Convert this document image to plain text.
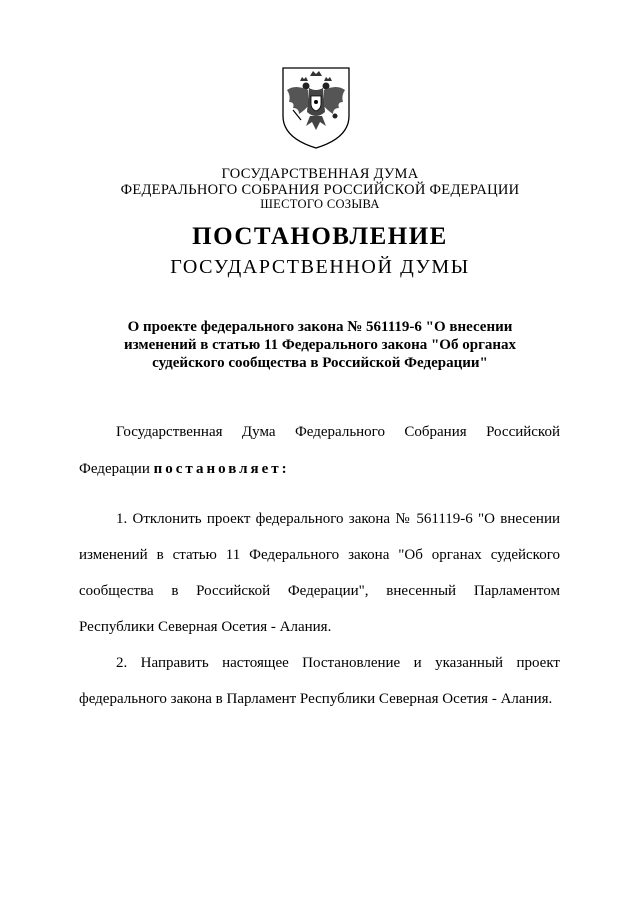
ГОСУДАРСТВЕННАЯ ДУМА
ФЕДЕРАЛЬНОГО СОБРАНИЯ РОССИЙСКОЙ ФЕДЕРАЦИИ
ШЕСТОГО СОЗЫВА
ПОСТАНОВЛЕНИЕ
ГОСУДАРСТВЕННОЙ ДУМЫ
О проекте федерального закона № 561119-6 "О внесении
изменений в статью 11 Федерального закона "Об органах
судейского сообщества в Российской Федерации"
Государственная Дума Федерального Собрания Российской
Федерации постановляет:
1. Отклонить проект федерального закона № 561119-6 "О внесении
изменений в статью 11 Федерального закона "Об органах судейского
сообщества в Российской Федерации", внесенный Парламентом
Республики Северная Осетия - Алания.
2. Направить настоящее Постановление и указанный проект
федерального закона в Парламент Республики Северная Осетия - Алания.
